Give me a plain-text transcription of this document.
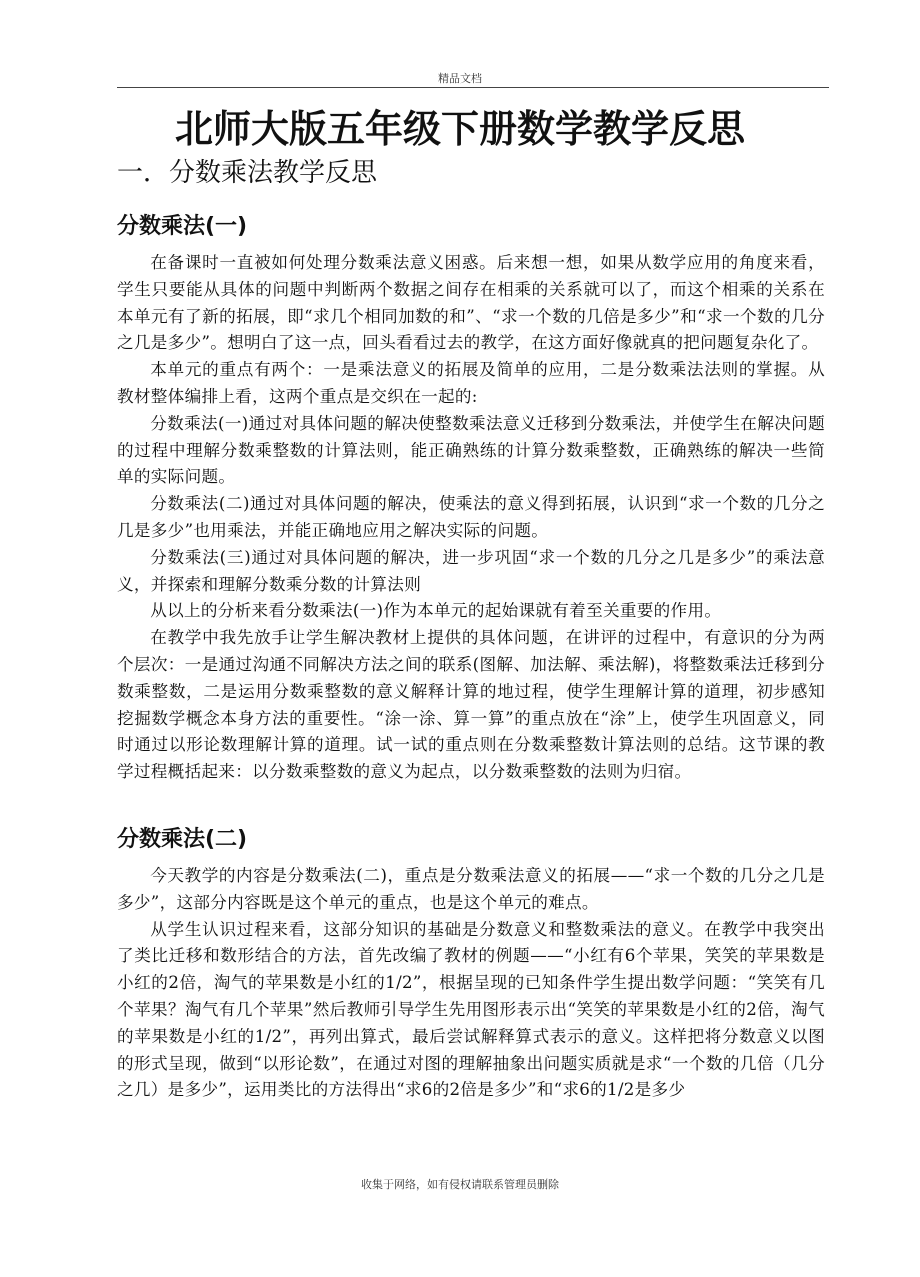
精品文档
北师大版五年级下册数学教学反思
一．分数乘法教学反思
分数乘法(一)

在备课时一直被如何处理分数乘法意义困惑。后来想一想，如果从数学应用的角度来看，学生只要能从具体的问题中判断两个数据之间存在相乘的关系就可以了，而这个相乘的关系在本单元有了新的拓展，即“求几个相同加数的和”、“求一个数的几倍是多少”和“求一个数的几分之几是多少”。想明白了这一点，回头看看过去的教学，在这方面好像就真的把问题复杂化了。

本单元的重点有两个：一是乘法意义的拓展及简单的应用，二是分数乘法法则的掌握。从教材整体编排上看，这两个重点是交织在一起的:

分数乘法(一)通过对具体问题的解决使整数乘法意义迁移到分数乘法，并使学生在解决问题的过程中理解分数乘整数的计算法则，能正确熟练的计算分数乘整数，正确熟练的解决一些简单的实际问题。

分数乘法(二)通过对具体问题的解决，使乘法的意义得到拓展，认识到“求一个数的几分之几是多少”也用乘法，并能正确地应用之解决实际的问题。

分数乘法(三)通过对具体问题的解决，进一步巩固“求一个数的几分之几是多少”的乘法意义，并探索和理解分数乘分数的计算法则

从以上的分析来看分数乘法(一)作为本单元的起始课就有着至关重要的作用。

在教学中我先放手让学生解决教材上提供的具体问题，在讲评的过程中，有意识的分为两个层次：一是通过沟通不同解决方法之间的联系(图解、加法解、乘法解)，将整数乘法迁移到分数乘整数，二是运用分数乘整数的意义解释计算的地过程，使学生理解计算的道理，初步感知挖掘数学概念本身方法的重要性。“涂一涂、算一算”的重点放在“涂”上，使学生巩固意义，同时通过以形论数理解计算的道理。试一试的重点则在分数乘整数计算法则的总结。这节课的教学过程概括起来：以分数乘整数的意义为起点，以分数乘整数的法则为归宿。

分数乘法(二)

今天教学的内容是分数乘法(二)，重点是分数乘法意义的拓展——“求一个数的几分之几是多少”，这部分内容既是这个单元的重点，也是这个单元的难点。

从学生认识过程来看，这部分知识的基础是分数意义和整数乘法的意义。在教学中我突出了类比迁移和数形结合的方法，首先改编了教材的例题——“小红有6个苹果，笑笑的苹果数是小红的2倍，淘气的苹果数是小红的1/2”，根据呈现的已知条件学生提出数学问题：“笑笑有几个苹果？淘气有几个苹果”然后教师引导学生先用图形表示出“笑笑的苹果数是小红的2倍，淘气的苹果数是小红的1/2”，再列出算式，最后尝试解释算式表示的意义。这样把将分数意义以图的形式呈现，做到“以形论数”，在通过对图的理解抽象出问题实质就是求“一个数的几倍（几分之几）是多少”，运用类比的方法得出“求6的2倍是多少”和“求6的1/2是多少

收集于网络，如有侵权请联系管理员删除
